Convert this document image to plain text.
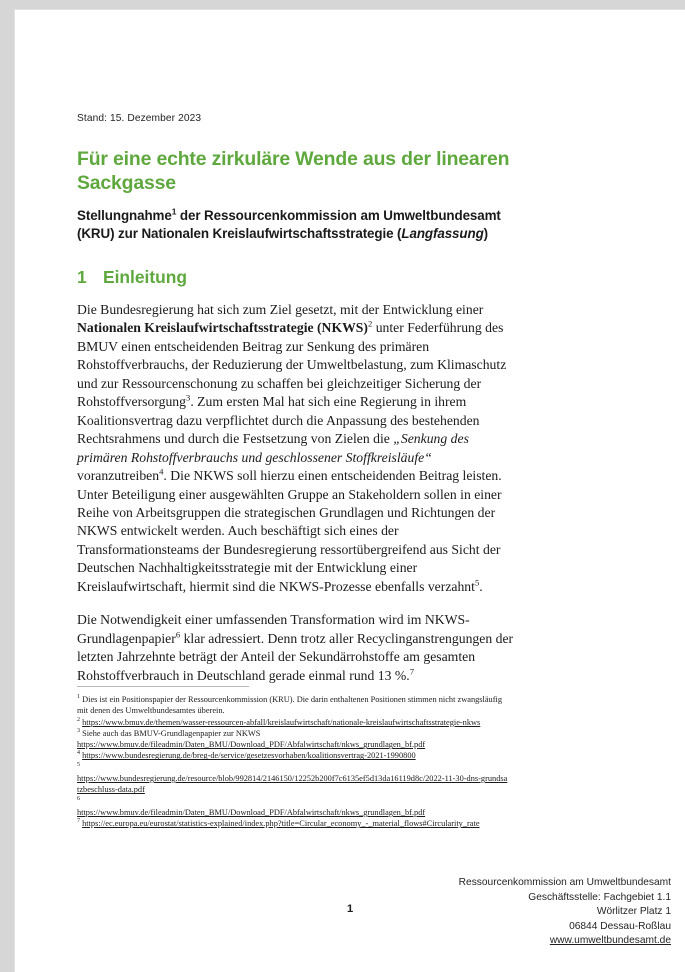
Stand: 15. Dezember 2023

Für eine echte zirkuläre Wende aus der linearen Sackgasse
Stellungnahme$^1$ der Ressourcenkommission am Umweltbundesamt (KRU) zur Nationalen Kreislaufwirtschaftsstrategie (Langfassung)
1 Einleitung

Die Bundesregierung hat sich zum Ziel gesetzt, mit der Entwicklung einer Nationalen Kreislaufwirtschaftsstrategie (NKWS)$^2$ unter Federführung des BMUV einen entscheidenden Beitrag zur Senkung des primären Rohstoffverbrauchs, der Reduzierung der Umweltbelastung, zum Klimaschutz und zur Ressourcenschonung zu schaffen bei gleichzeitiger Sicherung der Rohstoffversorgung$^3$. Zum ersten Mal hat sich eine Regierung in ihrem Koalitionsvertrag dazu verpflichtet durch die Anpassung des bestehenden Rechtsrahmens und durch die Festsetzung von Zielen die „Senkung des primären Rohstoffverbrauchs und geschlossener Stoffkreisläufe“ voranzutreiben$^4$. Die NKWS soll hierzu einen entscheidenden Beitrag leisten. Unter Beteiligung einer ausgewählten Gruppe an Stakeholdern sollen in einer Reihe von Arbeitsgruppen die strategischen Grundlagen und Richtungen der NKWS entwickelt werden. Auch beschäftigt sich eines der Transformationsteams der Bundesregierung ressortübergreifend aus Sicht der Deutschen Nachhaltigkeitsstrategie mit der Entwicklung einer Kreislaufwirtschaft, hiermit sind die NKWS-Prozesse ebenfalls verzahnt$^5$.

Die Notwendigkeit einer umfassenden Transformation wird im NKWS-Grundlagenpapier$^6$ klar adressiert. Denn trotz aller Recyclinganstrengungen der letzten Jahrzehnte beträgt der Anteil der Sekundärrohstoffe am gesamten Rohstoffverbrauch in Deutschland gerade einmal rund 13 %.$^7$

$^1$ Dies ist ein Positionspapier der Ressourcenkommission (KRU). Die darin enthaltenen Positionen stimmen nicht zwangsläufig mit denen des Umweltbundesamtes überein.

$^2$ https://www.bmuv.de/themen/wasser-ressourcen-abfall/kreislaufwirtschaft/nationale-kreislaufwirtschaftsstrategie-nkws

$^3$ Siehe auch das BMUV-Grundlagenpapier zur NKWS
https://www.bmuv.de/fileadmin/Daten_BMU/Download_PDF/Abfalwirtschaft/nkws_grundlagen_bf.pdf

$^4$ https://www.bundesregierung.de/breg-de/service/gesetzesvorhaben/koalitionsvertrag-2021-1990800

$^5$
https://www.bundesregierung.de/resource/blob/992814/2146150/12252b200f7c6135ef5d13da16119d8c/2022-11-30-dns-grundsatzbeschluss-data.pdf

$^6$
https://www.bmuv.de/fileadmin/Daten_BMU/Download_PDF/Abfalwirtschaft/nkws_grundlagen_bf.pdf

$^7$ https://ec.europa.eu/eurostat/statistics-explained/index.php?title=Circular_economy_-_material_flows#Circularity_rate

Ressourcenkommission am Umweltbundesamt
Geschäftsstelle: Fachgebiet 1.1
Wörlitzer Platz 1
06844 Dessau-Roßlau
www.umweltbundesamt.de
1
